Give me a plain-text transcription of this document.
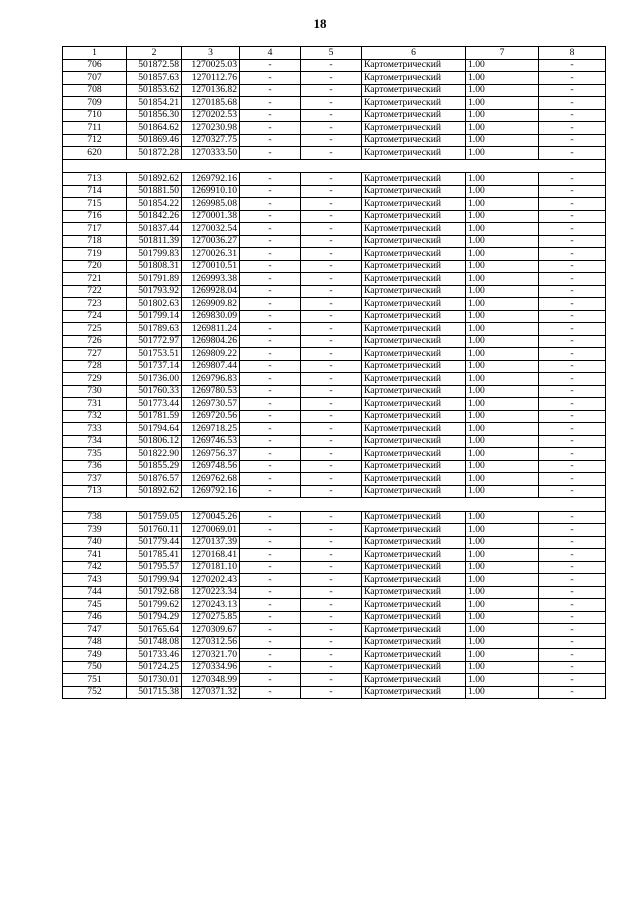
18
1	2	3	4	5	6	7	8
706	501872.58	1270025.03	-	-	Картометрический	1.00	-
707	501857.63	1270112.76	-	-	Картометрический	1.00	-
708	501853.62	1270136.82	-	-	Картометрический	1.00	-
709	501854.21	1270185.68	-	-	Картометрический	1.00	-
710	501856.30	1270202.53	-	-	Картометрический	1.00	-
711	501864.62	1270230.98	-	-	Картометрический	1.00	-
712	501869.46	1270327.75	-	-	Картометрический	1.00	-
620	501872.28	1270333.50	-	-	Картометрический	1.00	-

713	501892.62	1269792.16	-	-	Картометрический	1.00	-
714	501881.50	1269910.10	-	-	Картометрический	1.00	-
715	501854.22	1269985.08	-	-	Картометрический	1.00	-
716	501842.26	1270001.38	-	-	Картометрический	1.00	-
717	501837.44	1270032.54	-	-	Картометрический	1.00	-
718	501811.39	1270036.27	-	-	Картометрический	1.00	-
719	501799.83	1270026.31	-	-	Картометрический	1.00	-
720	501808.31	1270010.51	-	-	Картометрический	1.00	-
721	501791.89	1269993.38	-	-	Картометрический	1.00	-
722	501793.92	1269928.04	-	-	Картометрический	1.00	-
723	501802.63	1269909.82	-	-	Картометрический	1.00	-
724	501799.14	1269830.09	-	-	Картометрический	1.00	-
725	501789.63	1269811.24	-	-	Картометрический	1.00	-
726	501772.97	1269804.26	-	-	Картометрический	1.00	-
727	501753.51	1269809.22	-	-	Картометрический	1.00	-
728	501737.14	1269807.44	-	-	Картометрический	1.00	-
729	501736.00	1269796.83	-	-	Картометрический	1.00	-
730	501760.33	1269780.53	-	-	Картометрический	1.00	-
731	501773.44	1269730.57	-	-	Картометрический	1.00	-
732	501781.59	1269720.56	-	-	Картометрический	1.00	-
733	501794.64	1269718.25	-	-	Картометрический	1.00	-
734	501806.12	1269746.53	-	-	Картометрический	1.00	-
735	501822.90	1269756.37	-	-	Картометрический	1.00	-
736	501855.29	1269748.56	-	-	Картометрический	1.00	-
737	501876.57	1269762.68	-	-	Картометрический	1.00	-
713	501892.62	1269792.16	-	-	Картометрический	1.00	-

738	501759.05	1270045.26	-	-	Картометрический	1.00	-
739	501760.11	1270069.01	-	-	Картометрический	1.00	-
740	501779.44	1270137.39	-	-	Картометрический	1.00	-
741	501785.41	1270168.41	-	-	Картометрический	1.00	-
742	501795.57	1270181.10	-	-	Картометрический	1.00	-
743	501799.94	1270202.43	-	-	Картометрический	1.00	-
744	501792.68	1270223.34	-	-	Картометрический	1.00	-
745	501799.62	1270243.13	-	-	Картометрический	1.00	-
746	501794.29	1270275.85	-	-	Картометрический	1.00	-
747	501765.64	1270309.67	-	-	Картометрический	1.00	-
748	501748.08	1270312.56	-	-	Картометрический	1.00	-
749	501733.46	1270321.70	-	-	Картометрический	1.00	-
750	501724.25	1270334.96	-	-	Картометрический	1.00	-
751	501730.01	1270348.99	-	-	Картометрический	1.00	-
752	501715.38	1270371.32	-	-	Картометрический	1.00	-
